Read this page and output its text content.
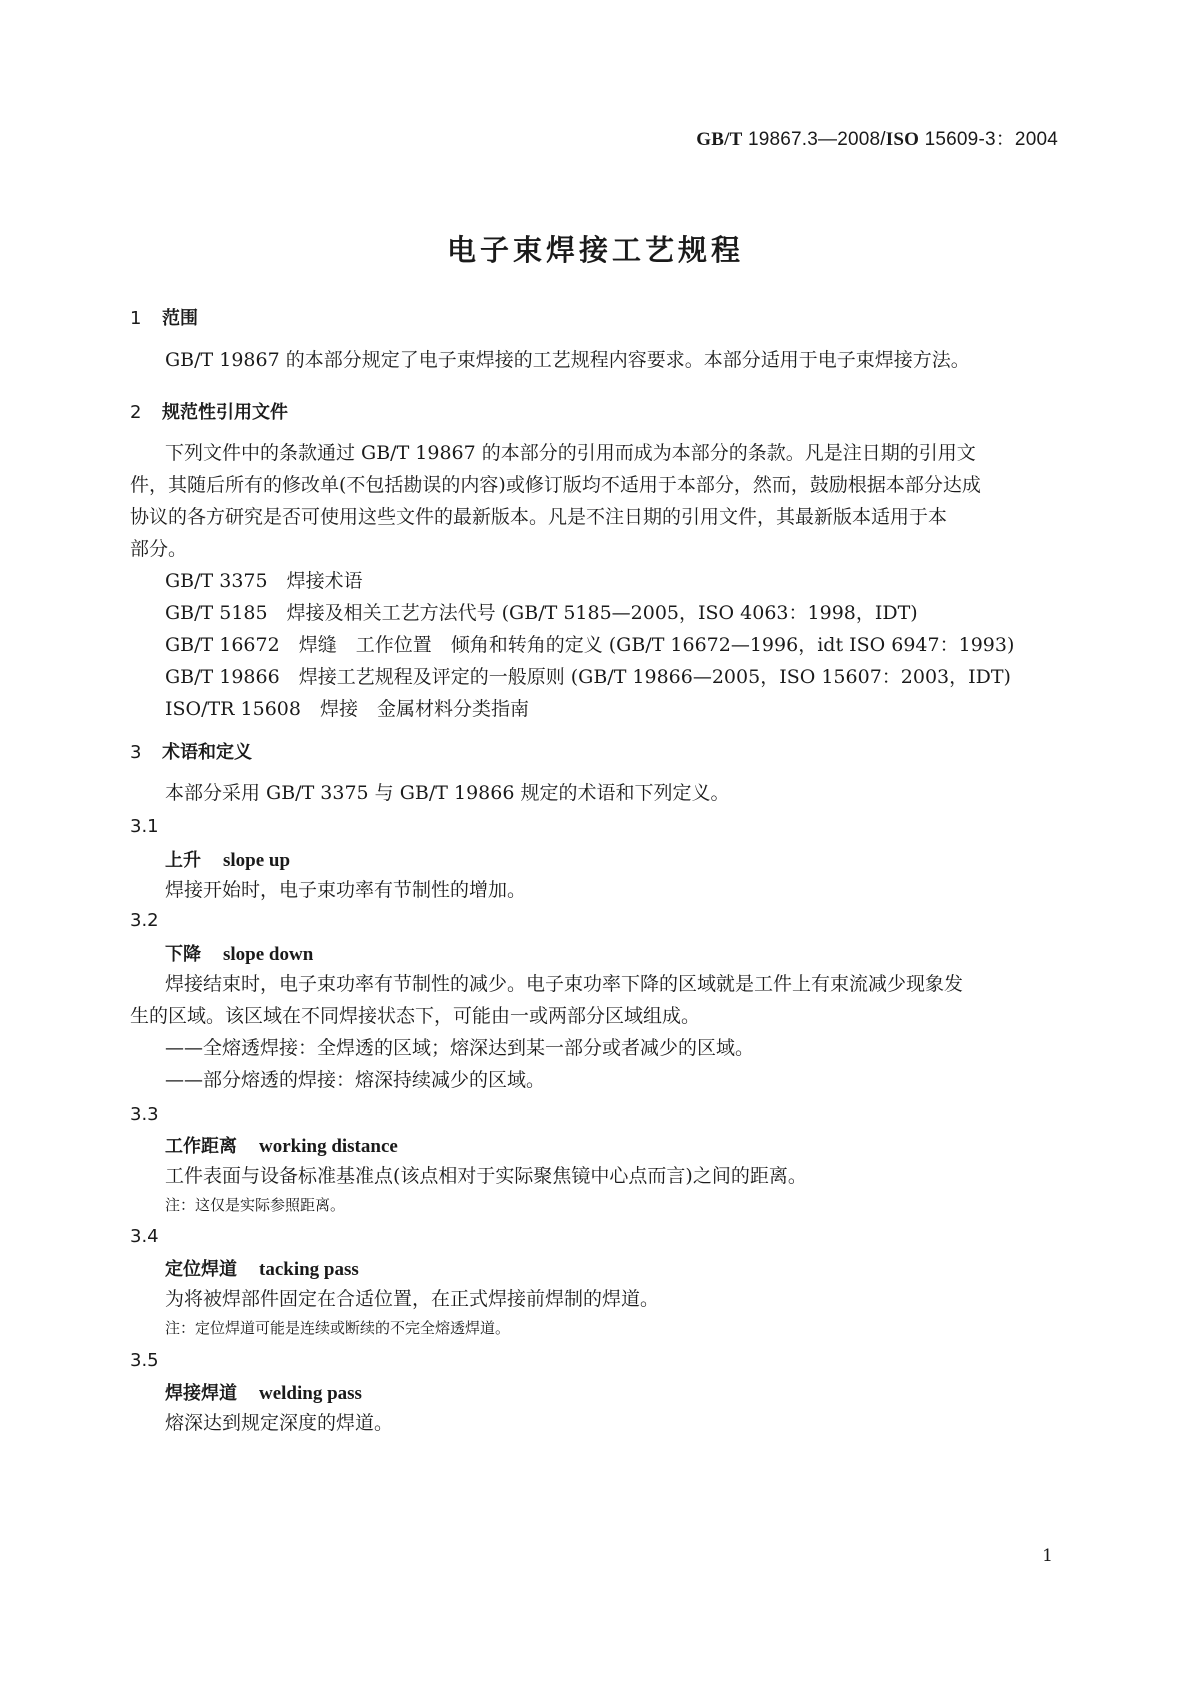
GB/T 19867.3—2008/ISO 15609-3：2004
电子束焊接工艺规程
1 范围
GB/T 19867 的本部分规定了电子束焊接的工艺规程内容要求。本部分适用于电子束焊接方法。
2 规范性引用文件
下列文件中的条款通过 GB/T 19867 的本部分的引用而成为本部分的条款。凡是注日期的引用文
件，其随后所有的修改单(不包括勘误的内容)或修订版均不适用于本部分，然而，鼓励根据本部分达成
协议的各方研究是否可使用这些文件的最新版本。凡是不注日期的引用文件，其最新版本适用于本
部分。
GB/T 3375　焊接术语
GB/T 5185　焊接及相关工艺方法代号 (GB/T 5185—2005，ISO 4063：1998，IDT)
GB/T 16672　焊缝　工作位置　倾角和转角的定义 (GB/T 16672—1996，idt ISO 6947：1993)
GB/T 19866　焊接工艺规程及评定的一般原则 (GB/T 19866—2005，ISO 15607：2003，IDT)
ISO/TR 15608　焊接　金属材料分类指南
3 术语和定义
本部分采用 GB/T 3375 与 GB/T 19866 规定的术语和下列定义。
3.1
上升 slope up
焊接开始时，电子束功率有节制性的增加。
3.2
下降 slope down
焊接结束时，电子束功率有节制性的减少。电子束功率下降的区域就是工件上有束流减少现象发
生的区域。该区域在不同焊接状态下，可能由一或两部分区域组成。
——全熔透焊接：全焊透的区域；熔深达到某一部分或者减少的区域。
——部分熔透的焊接：熔深持续减少的区域。
3.3
工作距离 working distance
工件表面与设备标准基准点(该点相对于实际聚焦镜中心点而言)之间的距离。
注：这仅是实际参照距离。
3.4
定位焊道 tacking pass
为将被焊部件固定在合适位置，在正式焊接前焊制的焊道。
注：定位焊道可能是连续或断续的不完全熔透焊道。
3.5
焊接焊道 welding pass
熔深达到规定深度的焊道。
1
